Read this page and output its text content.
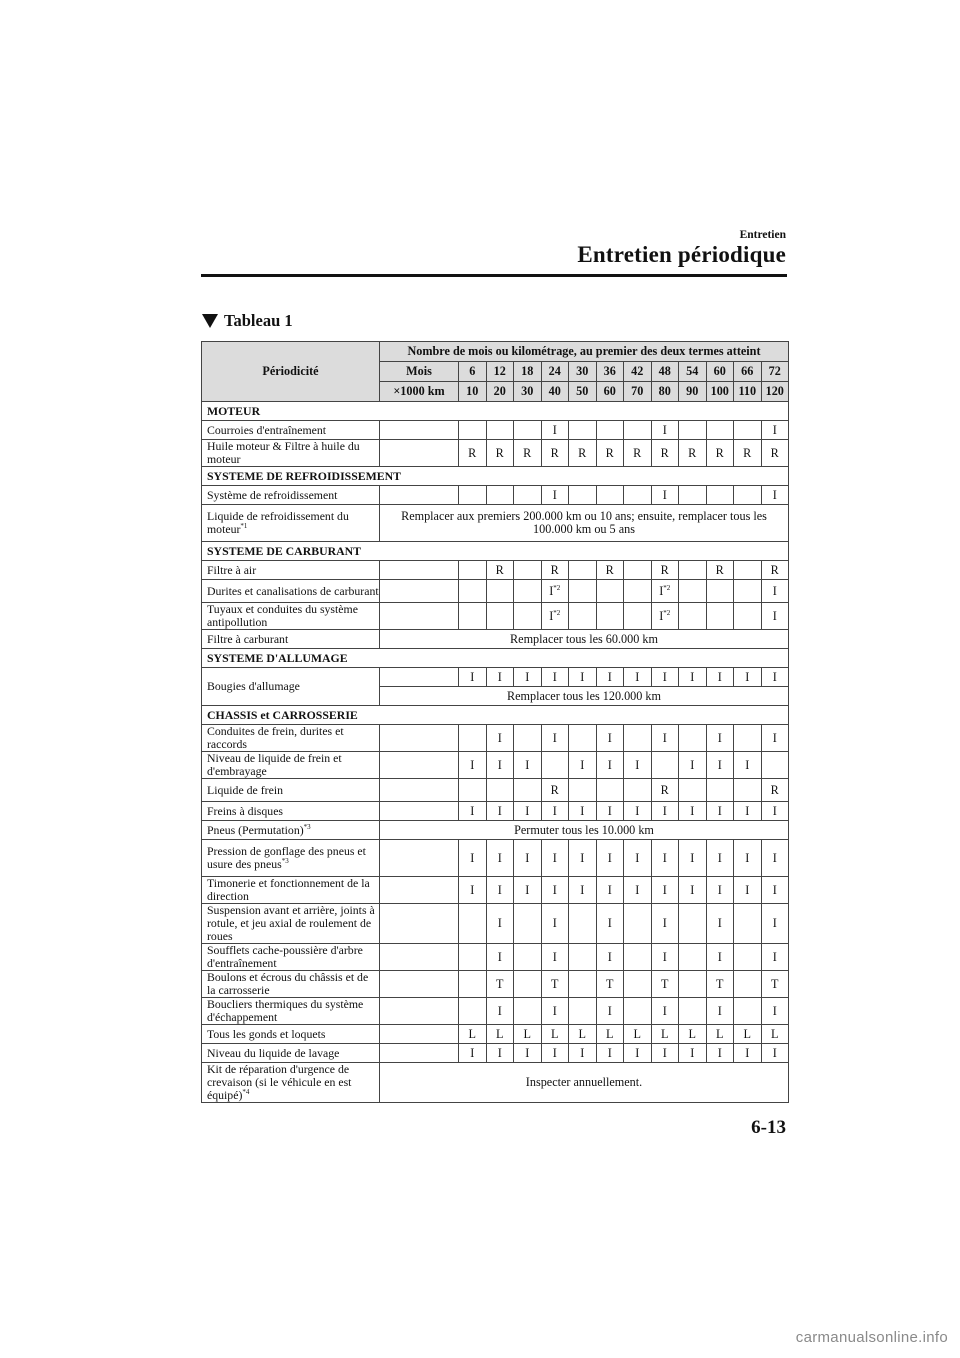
Entretien
Entretien périodique
Tableau 1
Périodicité	Nombre de mois ou kilométrage, au premier des deux termes atteint												
	Mois	6	12	18	24	30	36	42	48	54	60	66	72
	×1000 km	10	20	30	40	50	60	70	80	90	100	110	120
MOTEUR													
Courroies d'entraînement					I				I				I
Huile moteur & Filtre à huile du moteur		R	R	R	R	R	R	R	R	R	R	R	R
SYSTEME DE REFROIDISSEMENT													
Système de refroidissement					I				I				I
Liquide de refroidissement du moteur$^{*1}$	Remplacer aux premiers 200.000 km ou 10 ans; ensuite, remplacer tous les 100.000 km ou 5 ans												
SYSTEME DE CARBURANT													
Filtre à air			R		R		R		R		R		R
Durites et canalisations de carburant					$I^{*2}$				$I^{*2}$				I
Tuyaux et conduites du système antipollution					$I^{*2}$				$I^{*2}$				I
Filtre à carburant	Remplacer tous les 60.000 km												
SYSTEME D'ALLUMAGE													
Bougies d'allumage		I	I	I	I	I	I	I	I	I	I	I	I
	Remplacer tous les 120.000 km												
CHASSIS et CARROSSERIE													
Conduites de frein, durites et raccords			I		I		I		I		I		I
Niveau de liquide de frein et d'embrayage		I	I	I		I	I	I		I	I	I	
Liquide de frein					R				R				R
Freins à disques		I	I	I	I	I	I	I	I	I	I	I	I
Pneus (Permutation)$^{*3}$	Permuter tous les 10.000 km												
Pression de gonflage des pneus et usure des pneus$^{*3}$		I	I	I	I	I	I	I	I	I	I	I	I
Timonerie et fonctionnement de la direction		I	I	I	I	I	I	I	I	I	I	I	I
Suspension avant et arrière, joints à rotule, et jeu axial de roulement de roues			I		I		I		I		I		I
Soufflets cache-poussière d'arbre d'entraînement			I		I		I		I		I		I
Boulons et écrous du châssis et de la carrosserie			T		T		T		T		T		T
Boucliers thermiques du système d'échappement			I		I		I		I		I		I
Tous les gonds et loquets		L	L	L	L	L	L	L	L	L	L	L	L
Niveau du liquide de lavage		I	I	I	I	I	I	I	I	I	I	I	I
Kit de réparation d'urgence de crevaison (si le véhicule en est équipé)$^{*4}$	Inspecter annuellement.												
6-13
carmanualsonline.info
